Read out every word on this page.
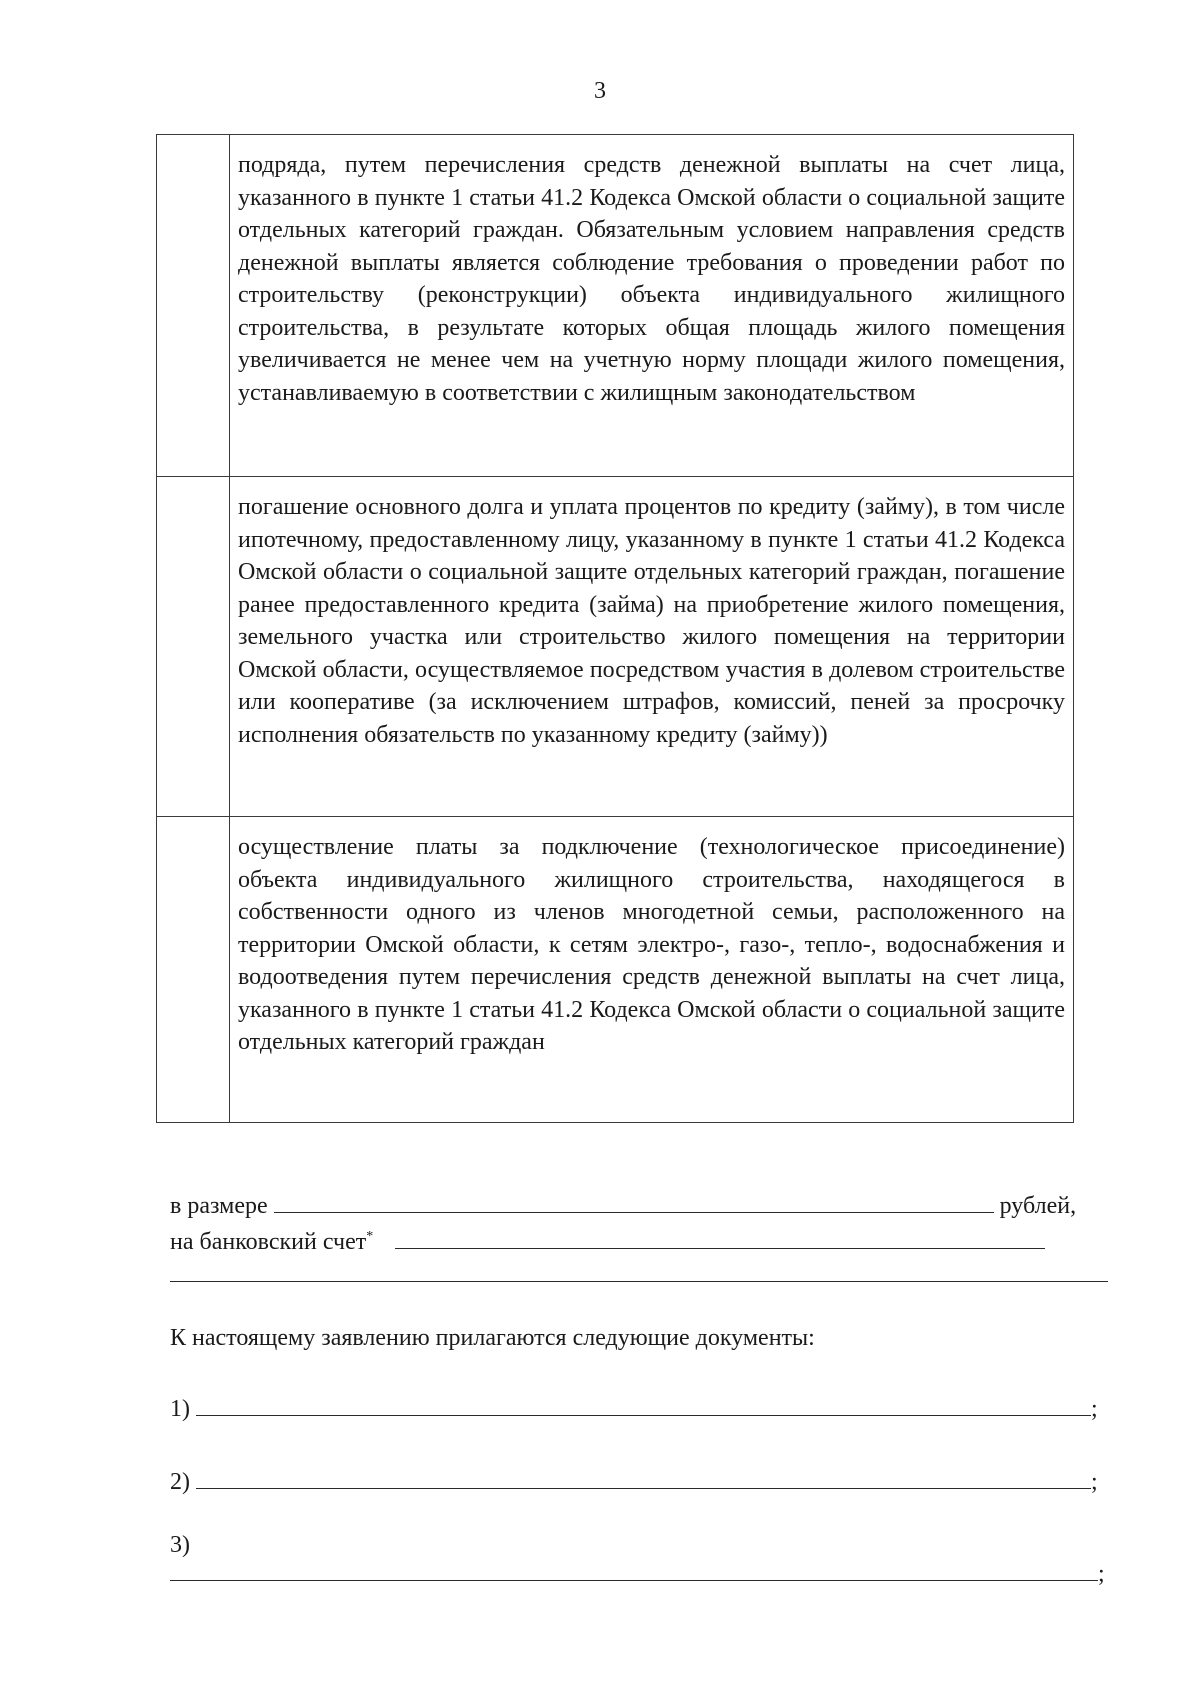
3
	подряда, путем перечисления средств денежной выплаты на счет лица, указанного в пункте 1 статьи 41.2 Кодекса Омской области о социальной защите отдельных категорий граждан. Обязательным условием направления средств денежной выплаты является соблюдение требования о проведении работ по строительству (реконструкции) объекта индивидуального жилищного строительства, в результате которых общая площадь жилого помещения увеличивается не менее чем на учетную норму площади жилого помещения, устанавливаемую в соответствии с жилищным законодательством
	погашение основного долга и уплата процентов по кредиту (займу), в том числе ипотечному, предоставленному лицу, указанному в пункте 1 статьи 41.2 Кодекса Омской области о социальной защите отдельных категорий граждан, погашение ранее предоставленного кредита (займа) на приобретение жилого помещения, земельного участка или строительство жилого помещения на территории Омской области, осуществляемое посредством участия в долевом строительстве или кооперативе (за исключением штрафов, комиссий, пеней за просрочку исполнения обязательств по указанному кредиту (займу))
	осуществление платы за подключение (технологическое присоединение) объекта индивидуального жилищного строительства, находящегося в собственности одного из членов многодетной семьи, расположенного на территории Омской области, к сетям электро-, газо-, тепло-, водоснабжения и водоотведения путем перечисления средств денежной выплаты на счет лица, указанного в пункте 1 статьи 41.2 Кодекса Омской области о социальной защите отдельных категорий граждан
в размере	рублей,
на банковский счет*
К настоящему заявлению прилагаются следующие документы:
1)	;
2)	;
3)
;
